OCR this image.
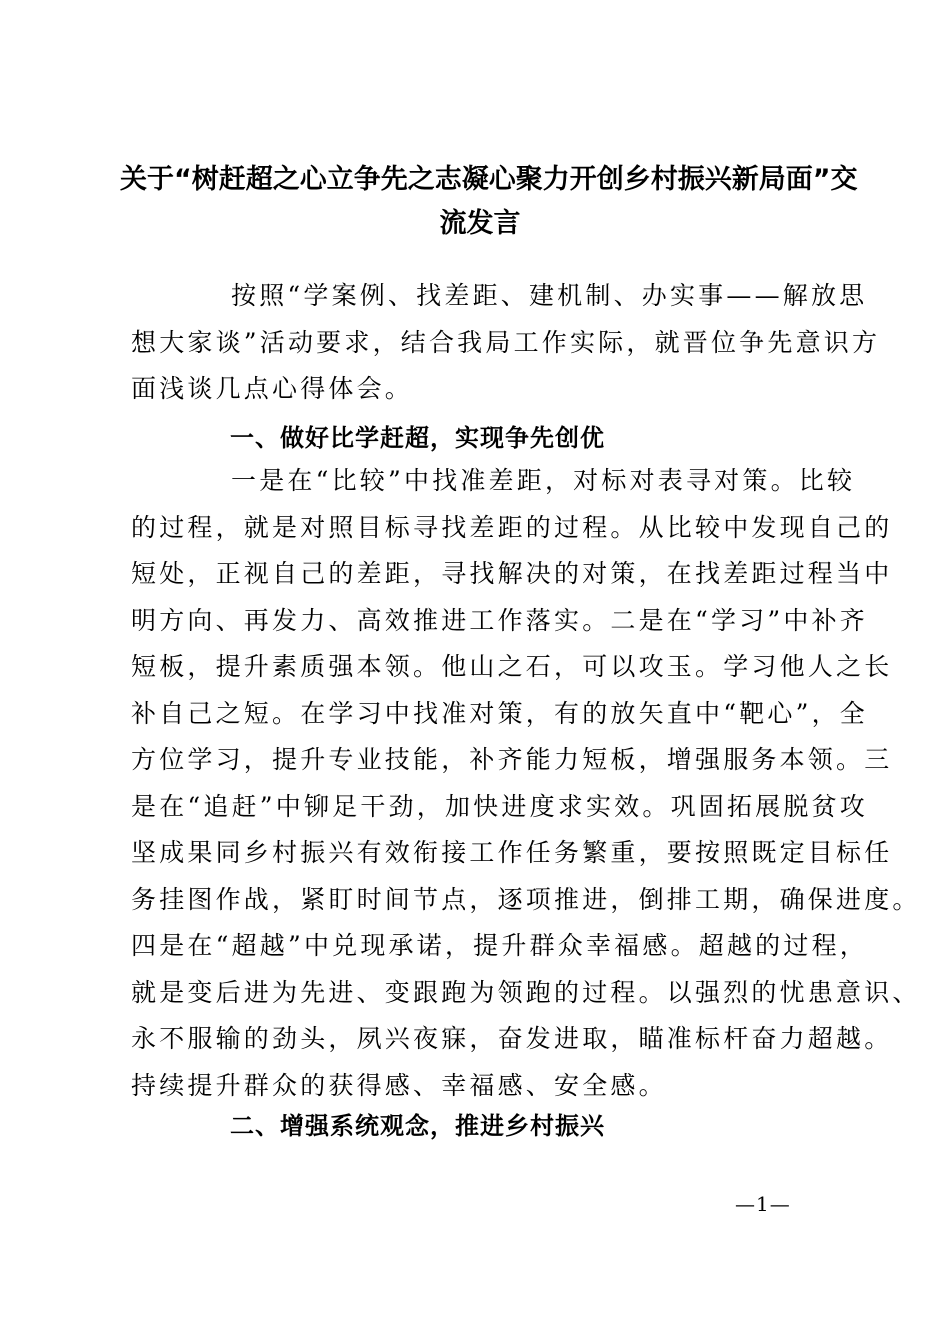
关于“树赶超之心立争先之志凝心聚力开创乡村振兴新局面”交
流发言
按照“学案例、找差距、建机制、办实事——解放思
想大家谈”活动要求，结合我局工作实际，就晋位争先意识方
面浅谈几点心得体会。
一、做好比学赶超，实现争先创优
一是在“比较”中找准差距，对标对表寻对策。比较
的过程，就是对照目标寻找差距的过程。从比较中发现自己的
短处，正视自己的差距，寻找解决的对策，在找差距过程当中
明方向、再发力、高效推进工作落实。二是在“学习”中补齐
短板，提升素质强本领。他山之石，可以攻玉。学习他人之长
补自己之短。在学习中找准对策，有的放矢直中“靶心”，全
方位学习，提升专业技能，补齐能力短板，增强服务本领。三
是在“追赶”中铆足干劲，加快进度求实效。巩固拓展脱贫攻
坚成果同乡村振兴有效衔接工作任务繁重，要按照既定目标任
务挂图作战，紧盯时间节点，逐项推进，倒排工期，确保进度。
四是在“超越”中兑现承诺，提升群众幸福感。超越的过程，
就是变后进为先进、变跟跑为领跑的过程。以强烈的忧患意识、
永不服输的劲头，夙兴夜寐，奋发进取，瞄准标杆奋力超越。
持续提升群众的获得感、幸福感、安全感。
二、增强系统观念，推进乡村振兴
—1—
